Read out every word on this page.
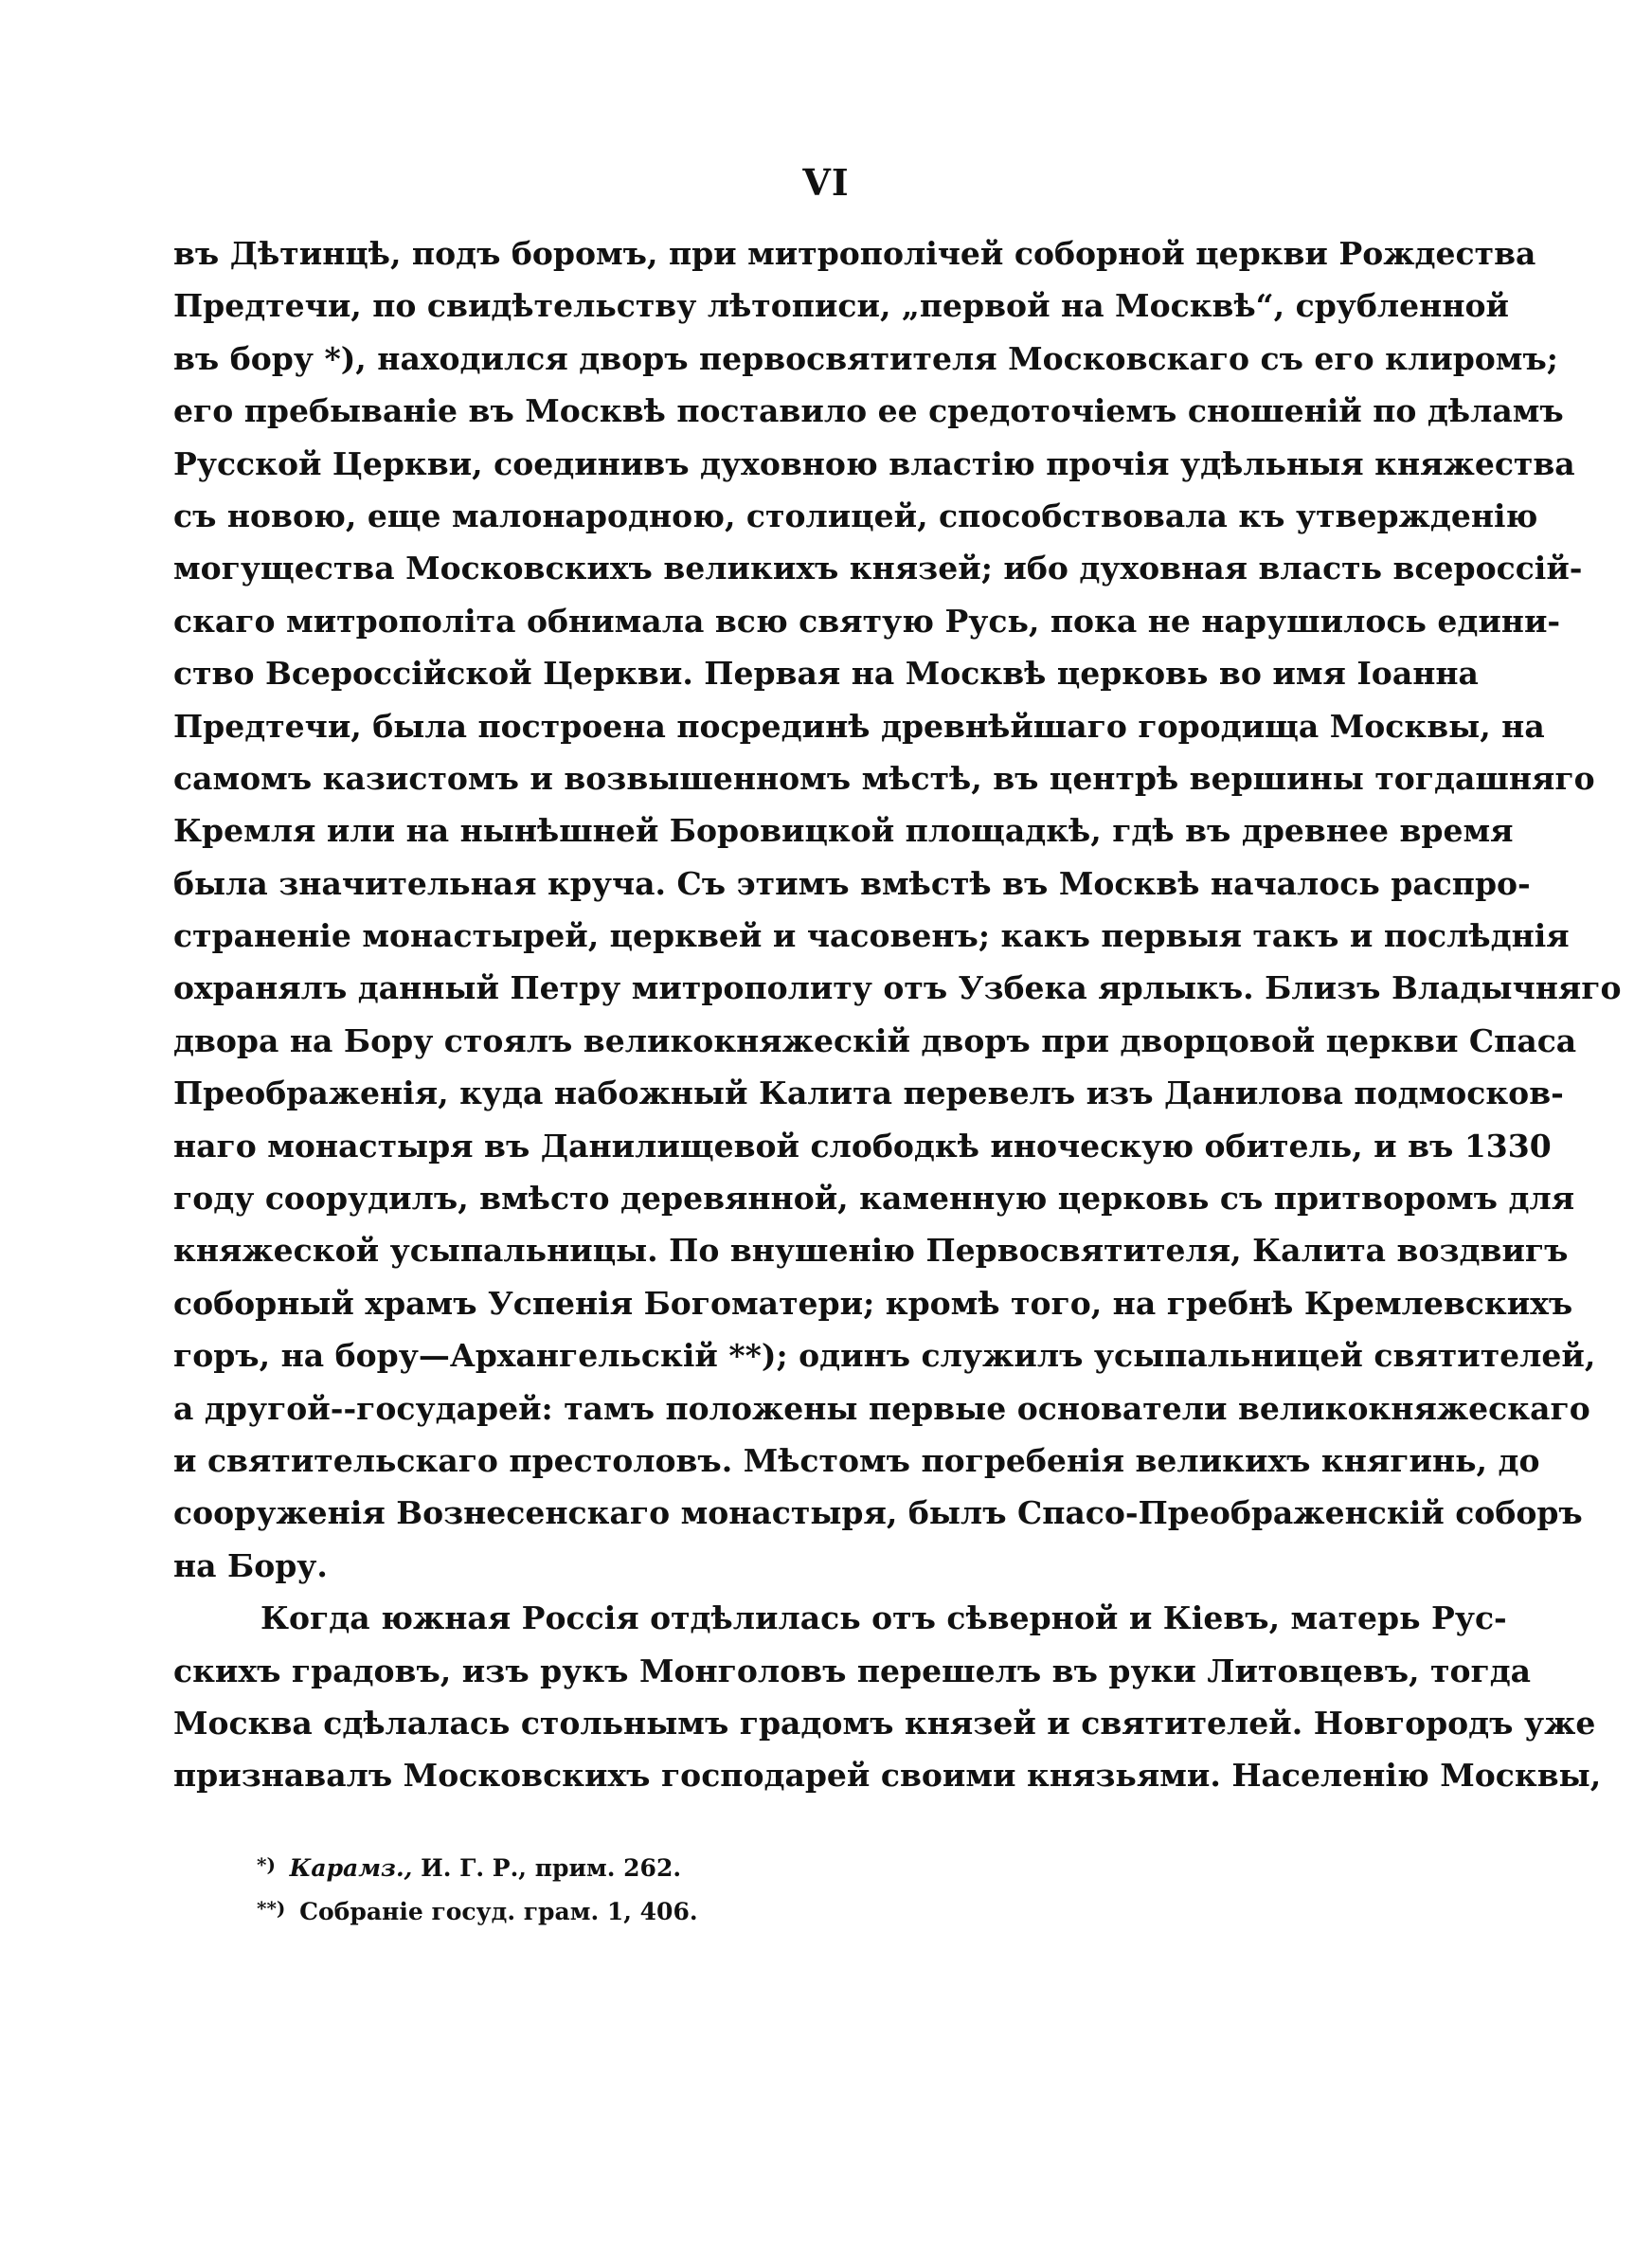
VI
въ Дѣтинцѣ, подъ боромъ, при митрополічей соборной церкви Рождества
Предтечи, по свидѣтельству лѣтописи, „первой на Москвѣ“, срубленной
въ бору *), находился дворъ первосвятителя Московскаго съ его клиромъ;
его пребываніе въ Москвѣ поставило ее средоточіемъ сношеній по дѣламъ
Русской Церкви, соединивъ духовною властію прочія удѣльныя княжества
съ новою, еще малонародною, столицей, способствовала къ утвержденію
могущества Московскихъ великихъ князей; ибо духовная власть всероссій-
скаго митрополіта обнимала всю святую Русь, пока не нарушилось едини-
ство Всероссійской Церкви. Первая на Москвѣ церковь во имя Іоанна
Предтечи, была построена посрединѣ древнѣйшаго городища Москвы, на
самомъ казистомъ и возвышенномъ мѣстѣ, въ центрѣ вершины тогдашняго
Кремля или на нынѣшней Боровицкой площадкѣ, гдѣ въ древнее время
была значительная круча. Съ этимъ вмѣстѣ въ Москвѣ началось распро-
страненіе монастырей, церквей и часовенъ; какъ первыя такъ и послѣднія
охранялъ данный Петру митрополиту отъ Узбека ярлыкъ. Близъ Владычняго
двора на Бору стоялъ великокняжескій дворъ при дворцовой церкви Спаса
Преображенія, куда набожный Калита перевелъ изъ Данилова подмосков-
наго монастыря въ Данилищевой слободкѣ иноческую обитель, и въ 1330
году соорудилъ, вмѣсто деревянной, каменную церковь съ притворомъ для
княжеской усыпальницы. По внушенію Первосвятителя, Калита воздвигъ
соборный храмъ Успенія Богоматери; кромѣ того, на гребнѣ Кремлевскихъ
горъ, на бору—Архангельскій **); одинъ служилъ усыпальницей святителей,
а другой--государей: тамъ положены первые основатели великокняжескаго
и святительскаго престоловъ. Мѣстомъ погребенія великихъ княгинь, до
сооруженія Вознесенскаго монастыря, былъ Спасо-Преображенскій соборъ
на Бору.
Когда южная Россія отдѣлилась отъ сѣверной и Кіевъ, матерь Рус-
скихъ градовъ, изъ рукъ Монголовъ перешелъ въ руки Литовцевъ, тогда
Москва сдѣлалась стольнымъ градомъ князей и святителей. Новгородъ уже
признавалъ Московскихъ господарей своими князьями. Населенію Москвы,
*) Карамз., И. Г. Р., прим. 262.
**) Собраніе госуд. грам. 1, 406.
